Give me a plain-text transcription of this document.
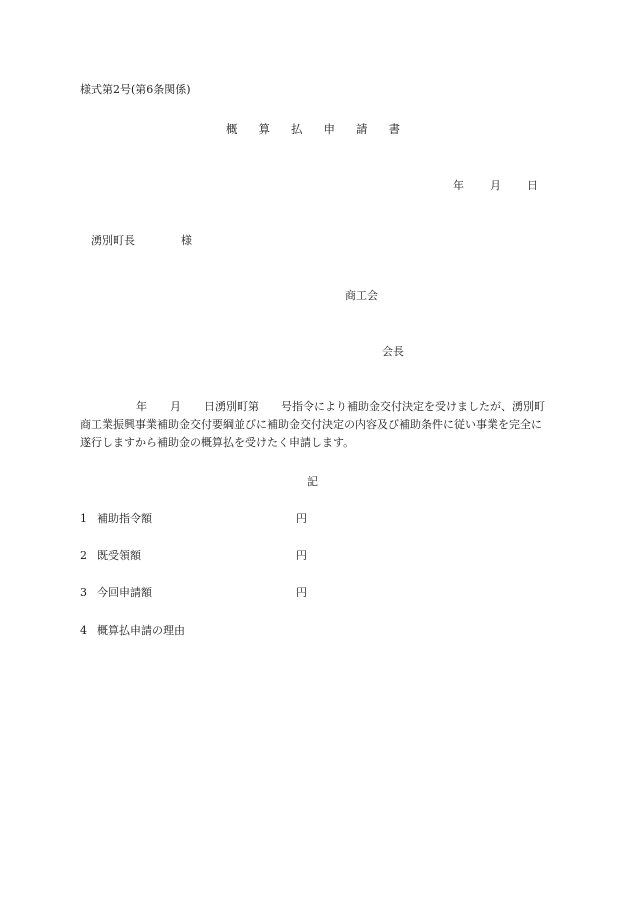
様式第2号(第6条関係)
概 算 払 申 請 書
年 月 日
湧別町長	様
商工会
会長
年 月 日湧別町第 号指令により補助金交付決定を受けましたが、湧別町商工業振興事業補助金交付要綱並びに補助金交付決定の内容及び補助条件に従い事業を完全に遂行しますから補助金の概算払を受けたく申請します。
記
1 補助指令額	円
2 既受領額	円
3 今回申請額	円
4 概算払申請の理由
